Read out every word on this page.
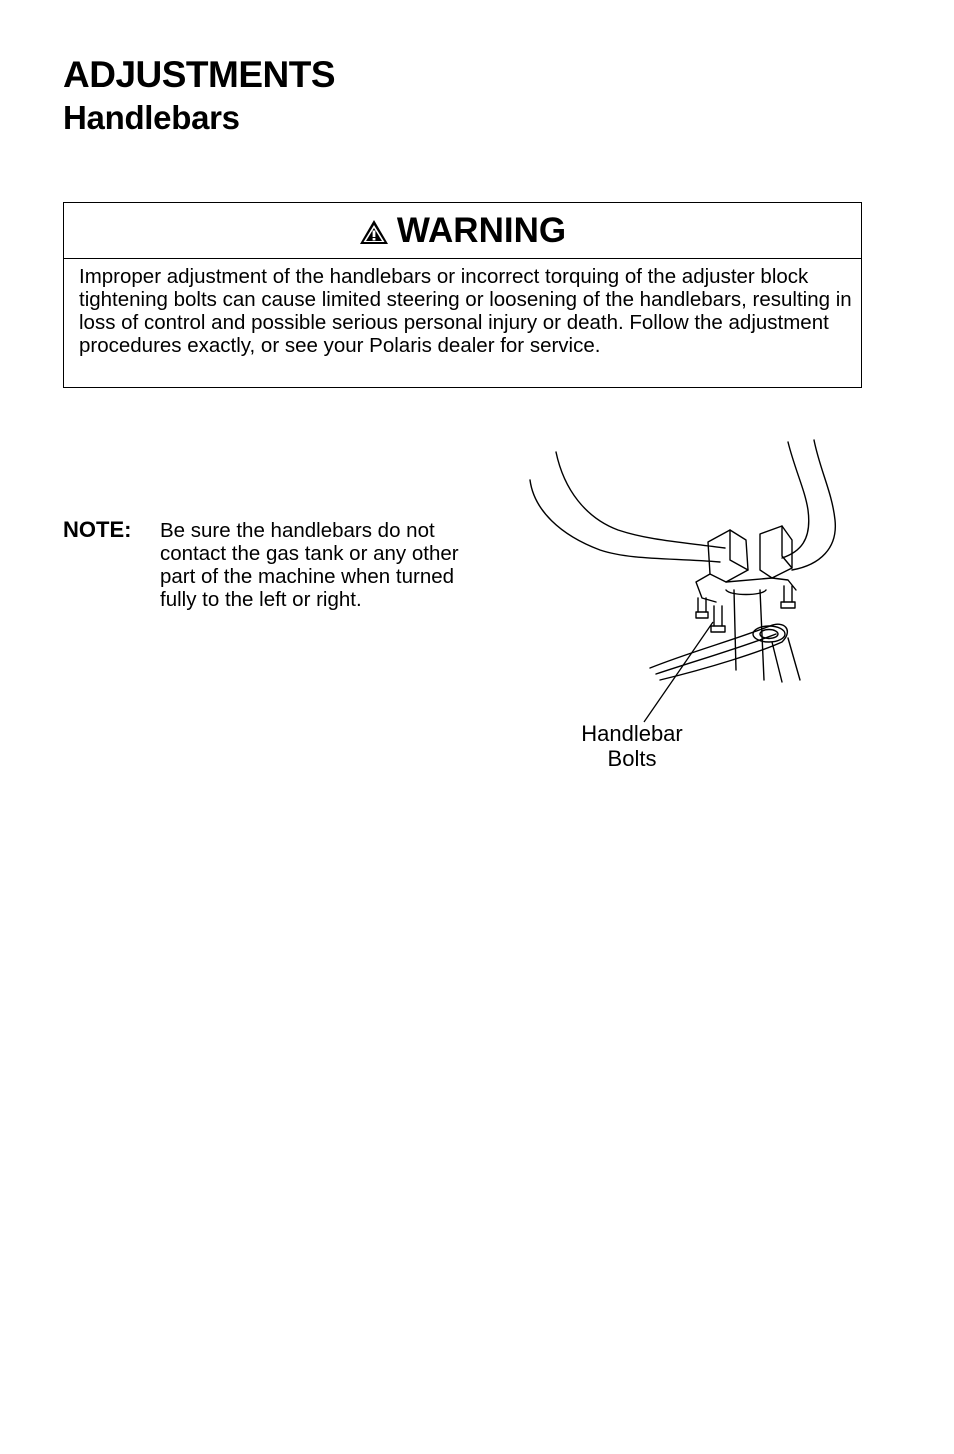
ADJUSTMENTS
Handlebars
WARNING
Improper adjustment of the handlebars or incorrect torquing of the adjuster block tightening bolts can cause limited steering or loosening of the handlebars, resulting in loss of control and possible serious personal injury or death. Follow the adjustment procedures exactly, or see your Polaris dealer for service.
NOTE: Be sure the handlebars do not contact the gas tank or any other part of the machine when turned fully to the left or right.
Handlebar
Bolts
